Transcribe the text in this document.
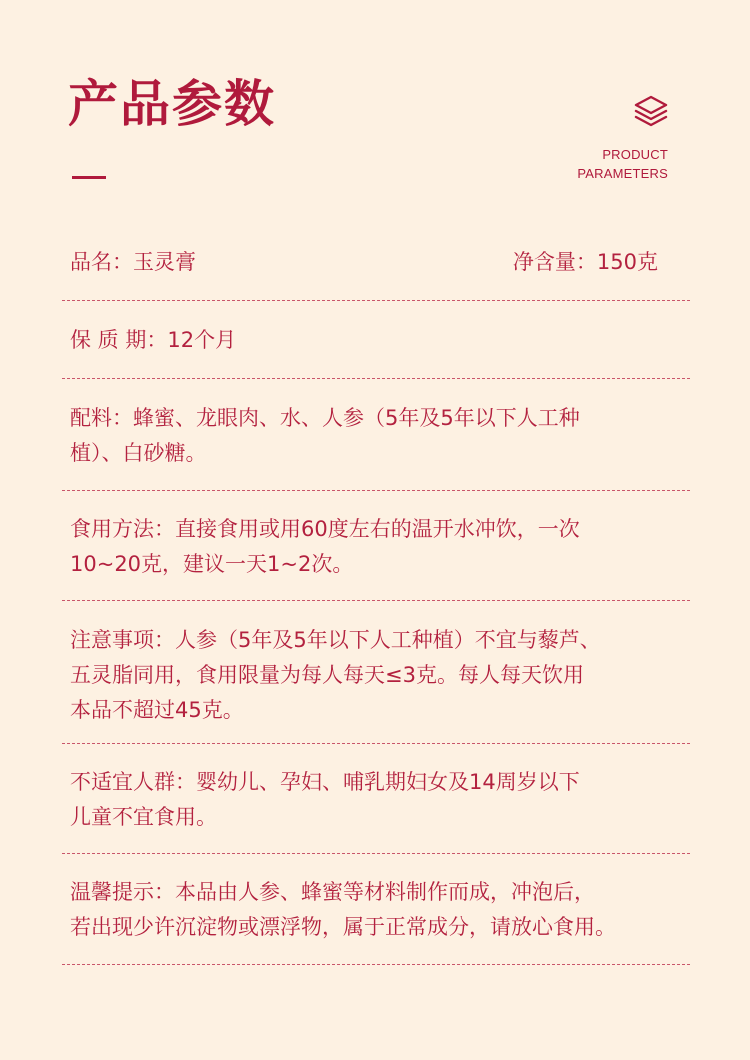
产品参数
PRODUCT
PARAMETERS
品名：玉灵膏	净含量：150克
保 质 期：12个月
配料：蜂蜜、龙眼肉、水、人参（5年及5年以下人工种
植）、白砂糖。
食用方法：直接食用或用60度左右的温开水冲饮，一次
10~20克，建议一天1~2次。
注意事项：人参（5年及5年以下人工种植）不宜与藜芦、
五灵脂同用，食用限量为每人每天≤3克。每人每天饮用
本品不超过45克。
不适宜人群：婴幼儿、孕妇、哺乳期妇女及14周岁以下
儿童不宜食用。
温馨提示：本品由人参、蜂蜜等材料制作而成，冲泡后，
若出现少许沉淀物或漂浮物，属于正常成分，请放心食用。
